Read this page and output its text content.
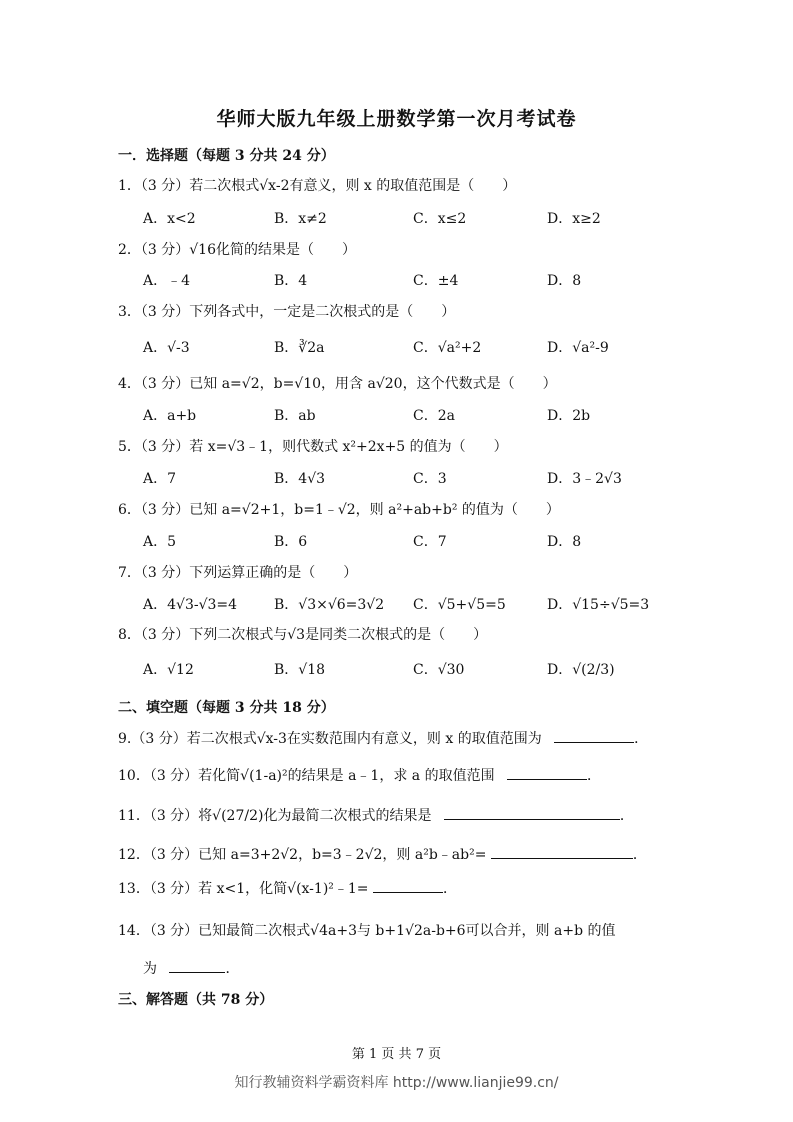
华师大版九年级上册数学第一次月考试卷
一．选择题（每题 3 分共 24 分）
1．（3 分）若二次根式√x-2有意义，则 x 的取值范围是（　　）
A．x<2	B．x≠2	C．x≤2	D．x≥2
2．（3 分）√16化简的结果是（　　）
A．﹣4	B．4	C．±4	D．8
3．（3 分）下列各式中，一定是二次根式的是（　　）
A．√-3	B．∛2a	C．√a²+2	D．√a²-9
4．（3 分）已知 a=√2，b=√10，用含 a√20，这个代数式是（　　）
A．a+b	B．ab	C．2a	D．2b
5．（3 分）若 x=√3﹣1，则代数式 x²+2x+5 的值为（　　）
A．7	B．4√3	C．3	D．3﹣2√3
6．（3 分）已知 a=√2+1，b=1﹣√2，则 a²+ab+b² 的值为（　　）
A．5	B．6	C．7	D．8
7．（3 分）下列运算正确的是（　　）
A．4√3-√3=4	B．√3×√6=3√2 C．√5+√5=5	D．√15÷√5=3
8．（3 分）下列二次根式与√3是同类二次根式的是（　　）
A．√12	B．√18	C．√30	D．√(2/3)
二、填空题（每题 3 分共 18 分）
9.（3 分）若二次根式√x-3在实数范围内有意义，则 x 的取值范围为	．
10．（3 分）若化简√(1-a)²的结果是 a﹣1，求 a 的取值范围	．
11．（3 分）将√(27/2)化为最简二次根式的结果是	．
12．（3 分）已知 a=3+2√2，b=3﹣2√2，则 a²b﹣ab²=	．
13．（3 分）若 x<1，化简√(x-1)²﹣1=	．
14．（3 分）已知最简二次根式√4a+3与 b+1√2a-b+6可以合并，则 a+b 的值
为	．
三、解答题（共 78 分）
第 1 页 共 7 页
知行教辅资料学霸资料库 http://www.lianjie99.cn/
